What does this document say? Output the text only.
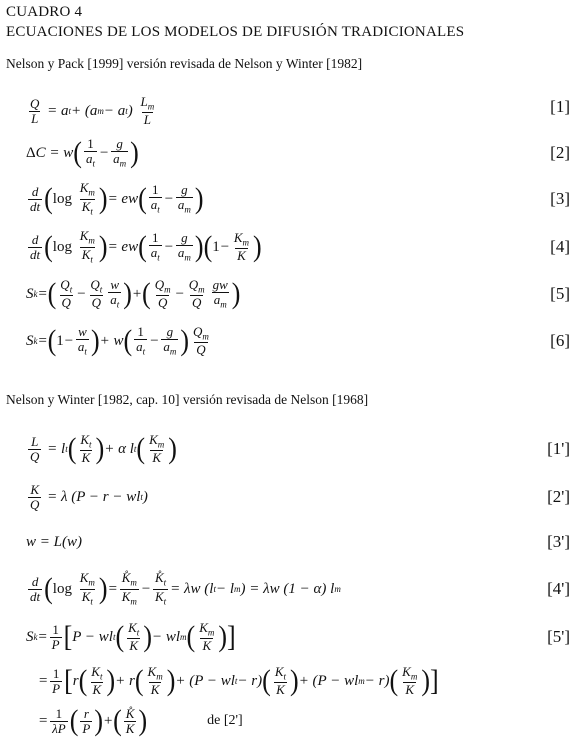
CUADRO 4
ECUACIONES DE LOS MODELOS DE DIFUSIÓN TRADICIONALES
Nelson y Pack [1999] versión revisada de Nelson y Winter [1982]
$\frac{Q}{L} = a$ t + (a m − a t ) $\frac{L_m}{L}$	[1]
Δ C = w ( $\frac{1}{a_t} - \frac{g}{a_m}$ )	[2]
$\frac{d}{dt}$ ( log
$\frac{K_m}{K_t}$ ) = ew ( $\frac{1}{a_t} - \frac{g}{a_m}$ )	[3]
$\frac{d}{dt}$ ( log
$\frac{K_m}{K_t}$ ) = ew ( $\frac{1}{a_t} - \frac{g}{a_m}$ )( $1 - \frac{K_m}{K}$ )	[4]
S k = ( $\frac{Q_t}{Q} - \frac{Q_t}{Q} \frac{w}{a_t}$ ) + ( $\frac{Q_m}{Q} - \frac{Q_m}{Q} \frac{gw}{a_m}$ )	[5]
S k = ( $1 - \frac{w}{a_t}$ ) + w ( $\frac{1}{a_t} - \frac{g}{a_m}$ ) $\frac{Q_m}{Q}$	[6]
Nelson y Winter [1982, cap. 10] versión revisada de Nelson [1968]
$\frac{L}{Q} = l$ t ( $\frac{K_t}{K}$ ) + α l t ( $\frac{K_m}{K}$ )	[1']
$\frac{K}{Q} = \lambda$ (P − r − wl t )	[2']
w = L(w)	[3']
$\frac{d}{dt}$ ( log
$\frac{K_m}{K_t}$ ) = $\frac{K̊_m}{K_m} - \frac{K̊_t}{K_t} = \lambda w$ (l t − l m ) = λw (1 − α) l m	[4']
S $k = \frac{1}{P}$ [ P − wl t ( $\frac{K_t}{K}$ ) − wl m ( $\frac{K_m}{K}$ )]	[5']
= $\frac{1}{P}$ [ r ( $\frac{K_t}{K}$ ) + r ( $\frac{K_m}{K}$ ) + (P − wl t − r) ( $\frac{K_t}{K}$ ) + (P − wl m − r) ( $\frac{K_m}{K}$ )]
= $\frac{1}{\lambda P}$ ( $\frac{r}{P}$ ) + ( $\frac{K̊}{K}$ )	de [2']
